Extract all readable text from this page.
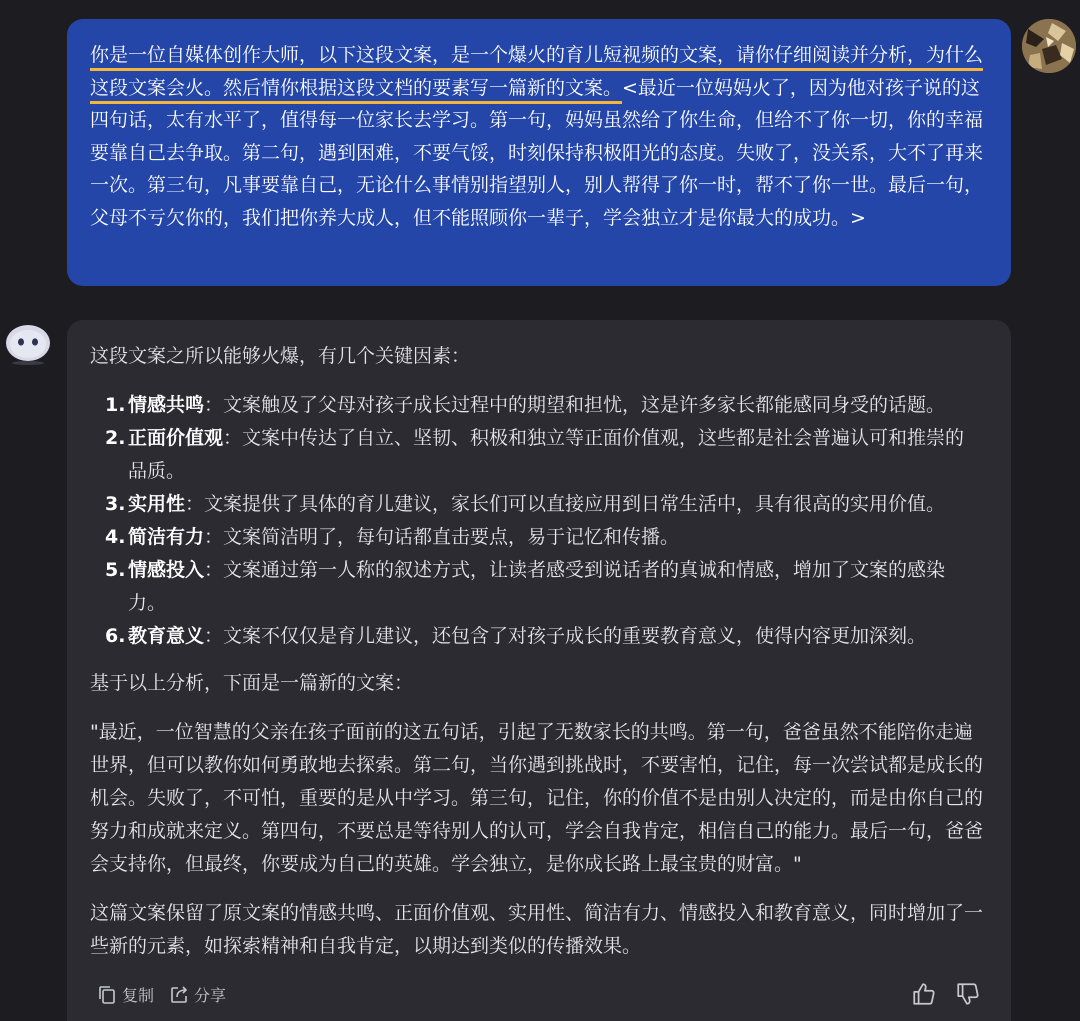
你是一位自媒体创作大师，以下这段文案，是一个爆火的育儿短视频的文案，请你仔细阅读并分析，为什么这段文案会火。然后情你根据这段文档的要素写一篇新的文案。<最近一位妈妈火了，因为他对孩子说的这四句话，太有水平了，值得每一位家长去学习。第一句，妈妈虽然给了你生命，但给不了你一切，你的幸福要靠自己去争取。第二句，遇到困难，不要气馁，时刻保持积极阳光的态度。失败了，没关系，大不了再来一次。第三句，凡事要靠自己，无论什么事情别指望别人，别人帮得了你一时，帮不了你一世。最后一句，父母不亏欠你的，我们把你养大成人，但不能照顾你一辈子，学会独立才是你最大的成功。>

这段文案之所以能够火爆，有几个关键因素：

1. 情感共鸣：文案触及了父母对孩子成长过程中的期望和担忧，这是许多家长都能感同身受的话题。
2. 正面价值观：文案中传达了自立、坚韧、积极和独立等正面价值观，这些都是社会普遍认可和推崇的品质。
3. 实用性：文案提供了具体的育儿建议，家长们可以直接应用到日常生活中，具有很高的实用价值。
4. 简洁有力：文案简洁明了，每句话都直击要点，易于记忆和传播。
5. 情感投入：文案通过第一人称的叙述方式，让读者感受到说话者的真诚和情感，增加了文案的感染力。
6. 教育意义：文案不仅仅是育儿建议，还包含了对孩子成长的重要教育意义，使得内容更加深刻。

基于以上分析，下面是一篇新的文案：

"最近，一位智慧的父亲在孩子面前的这五句话，引起了无数家长的共鸣。第一句，爸爸虽然不能陪你走遍世界，但可以教你如何勇敢地去探索。第二句，当你遇到挑战时，不要害怕，记住，每一次尝试都是成长的机会。失败了，不可怕，重要的是从中学习。第三句，记住，你的价值不是由别人决定的，而是由你自己的努力和成就来定义。第四句，不要总是等待别人的认可，学会自我肯定，相信自己的能力。最后一句，爸爸会支持你，但最终，你要成为自己的英雄。学会独立，是你成长路上最宝贵的财富。"

这篇文案保留了原文案的情感共鸣、正面价值观、实用性、简洁有力、情感投入和教育意义，同时增加了一些新的元素，如探索精神和自我肯定，以期达到类似的传播效果。

复制	分享
